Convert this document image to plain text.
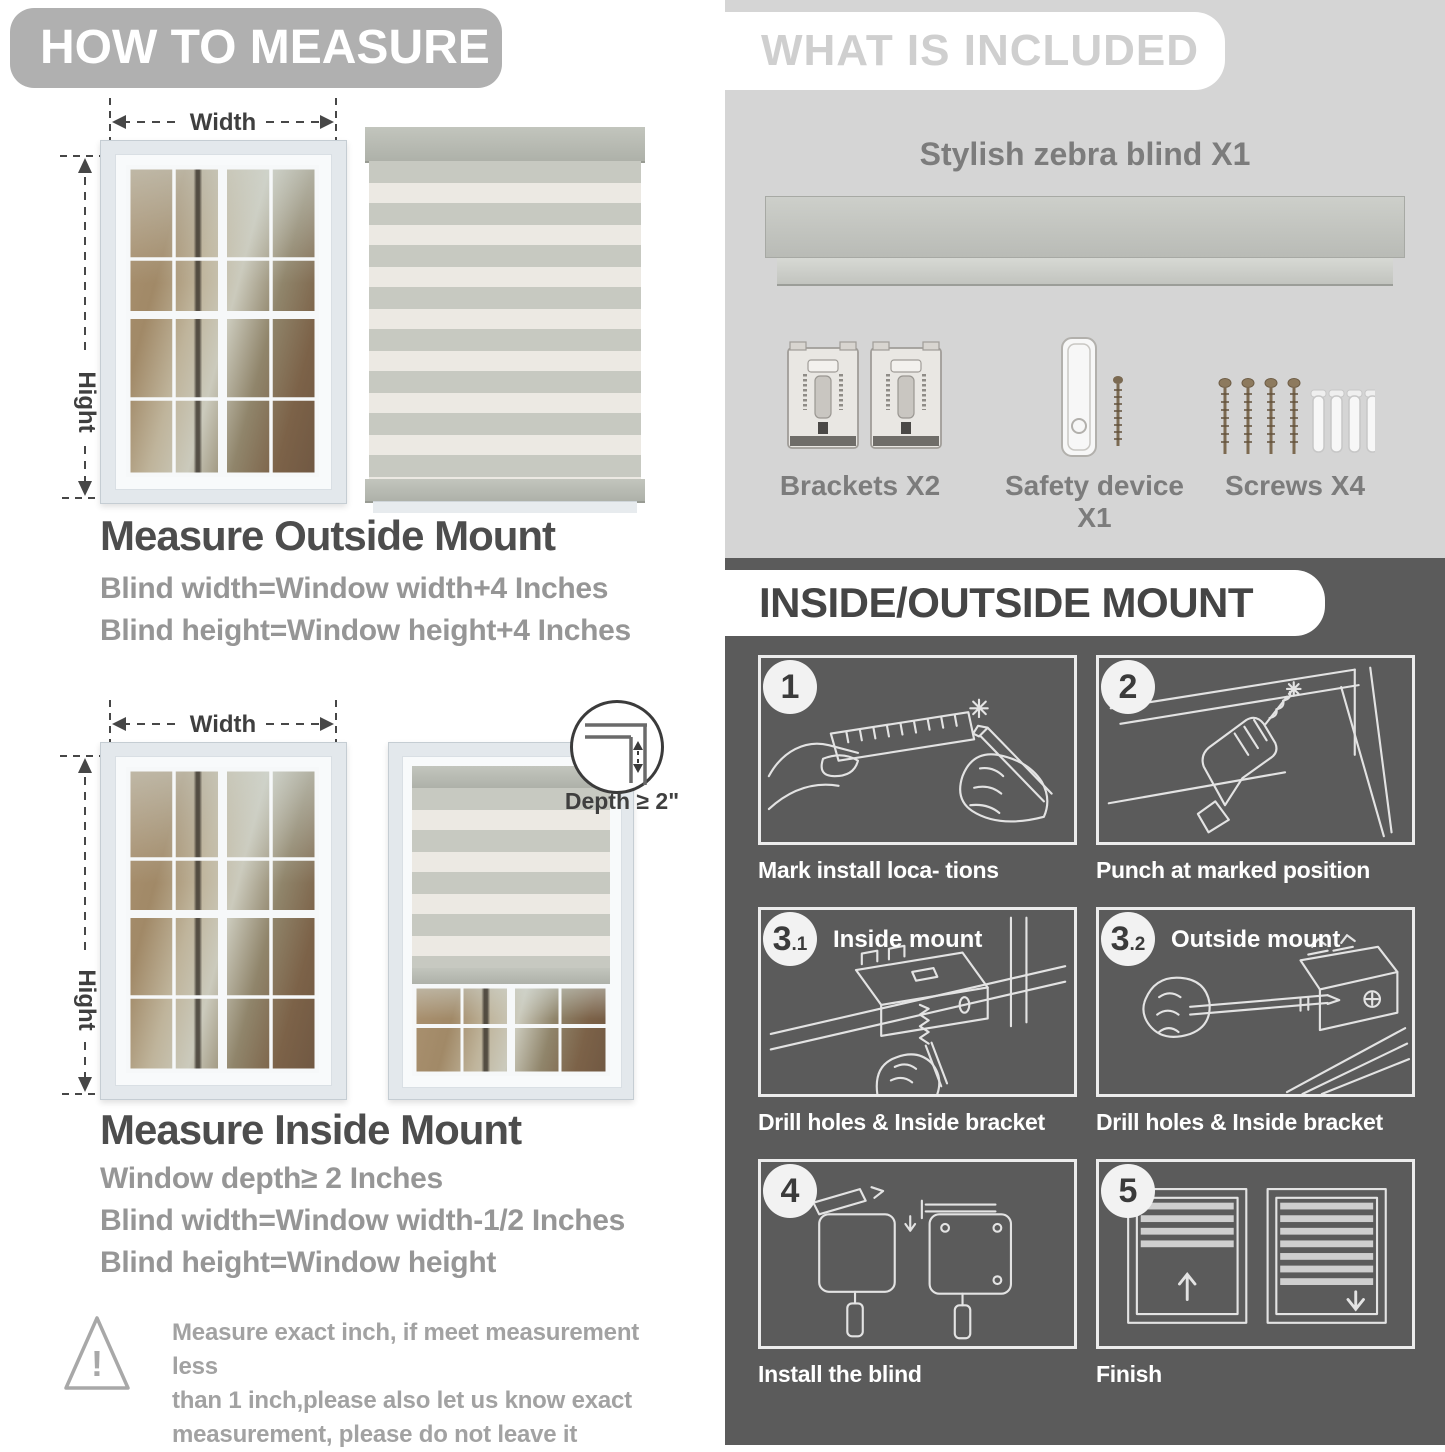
HOW TO MEASURE
Width
Hight
Measure Outside Mount
Blind width=Window width+4 Inches
Blind height=Window height+4 Inches
Width
Hight
Depth ≥ 2"
Measure Inside Mount
Window depth≥ 2 Inches
Blind width=Window width-1/2 Inches
Blind height=Window height
!
Measure exact inch, if meet measurement less
than 1 inch,please also let us know exact
measurement, please do not leave it
WHAT IS INCLUDED
Stylish zebra blind X1
Brackets X2	Safety device X1
Screws X4
INSIDE/OUTSIDE MOUNT
1
Mark install loca- tions
2
Punch at marked position
3 .1 Inside mount
Drill holes & Inside bracket
3 .2 Outside mount
Drill holes & Inside bracket
4
Install the blind
5
Finish
